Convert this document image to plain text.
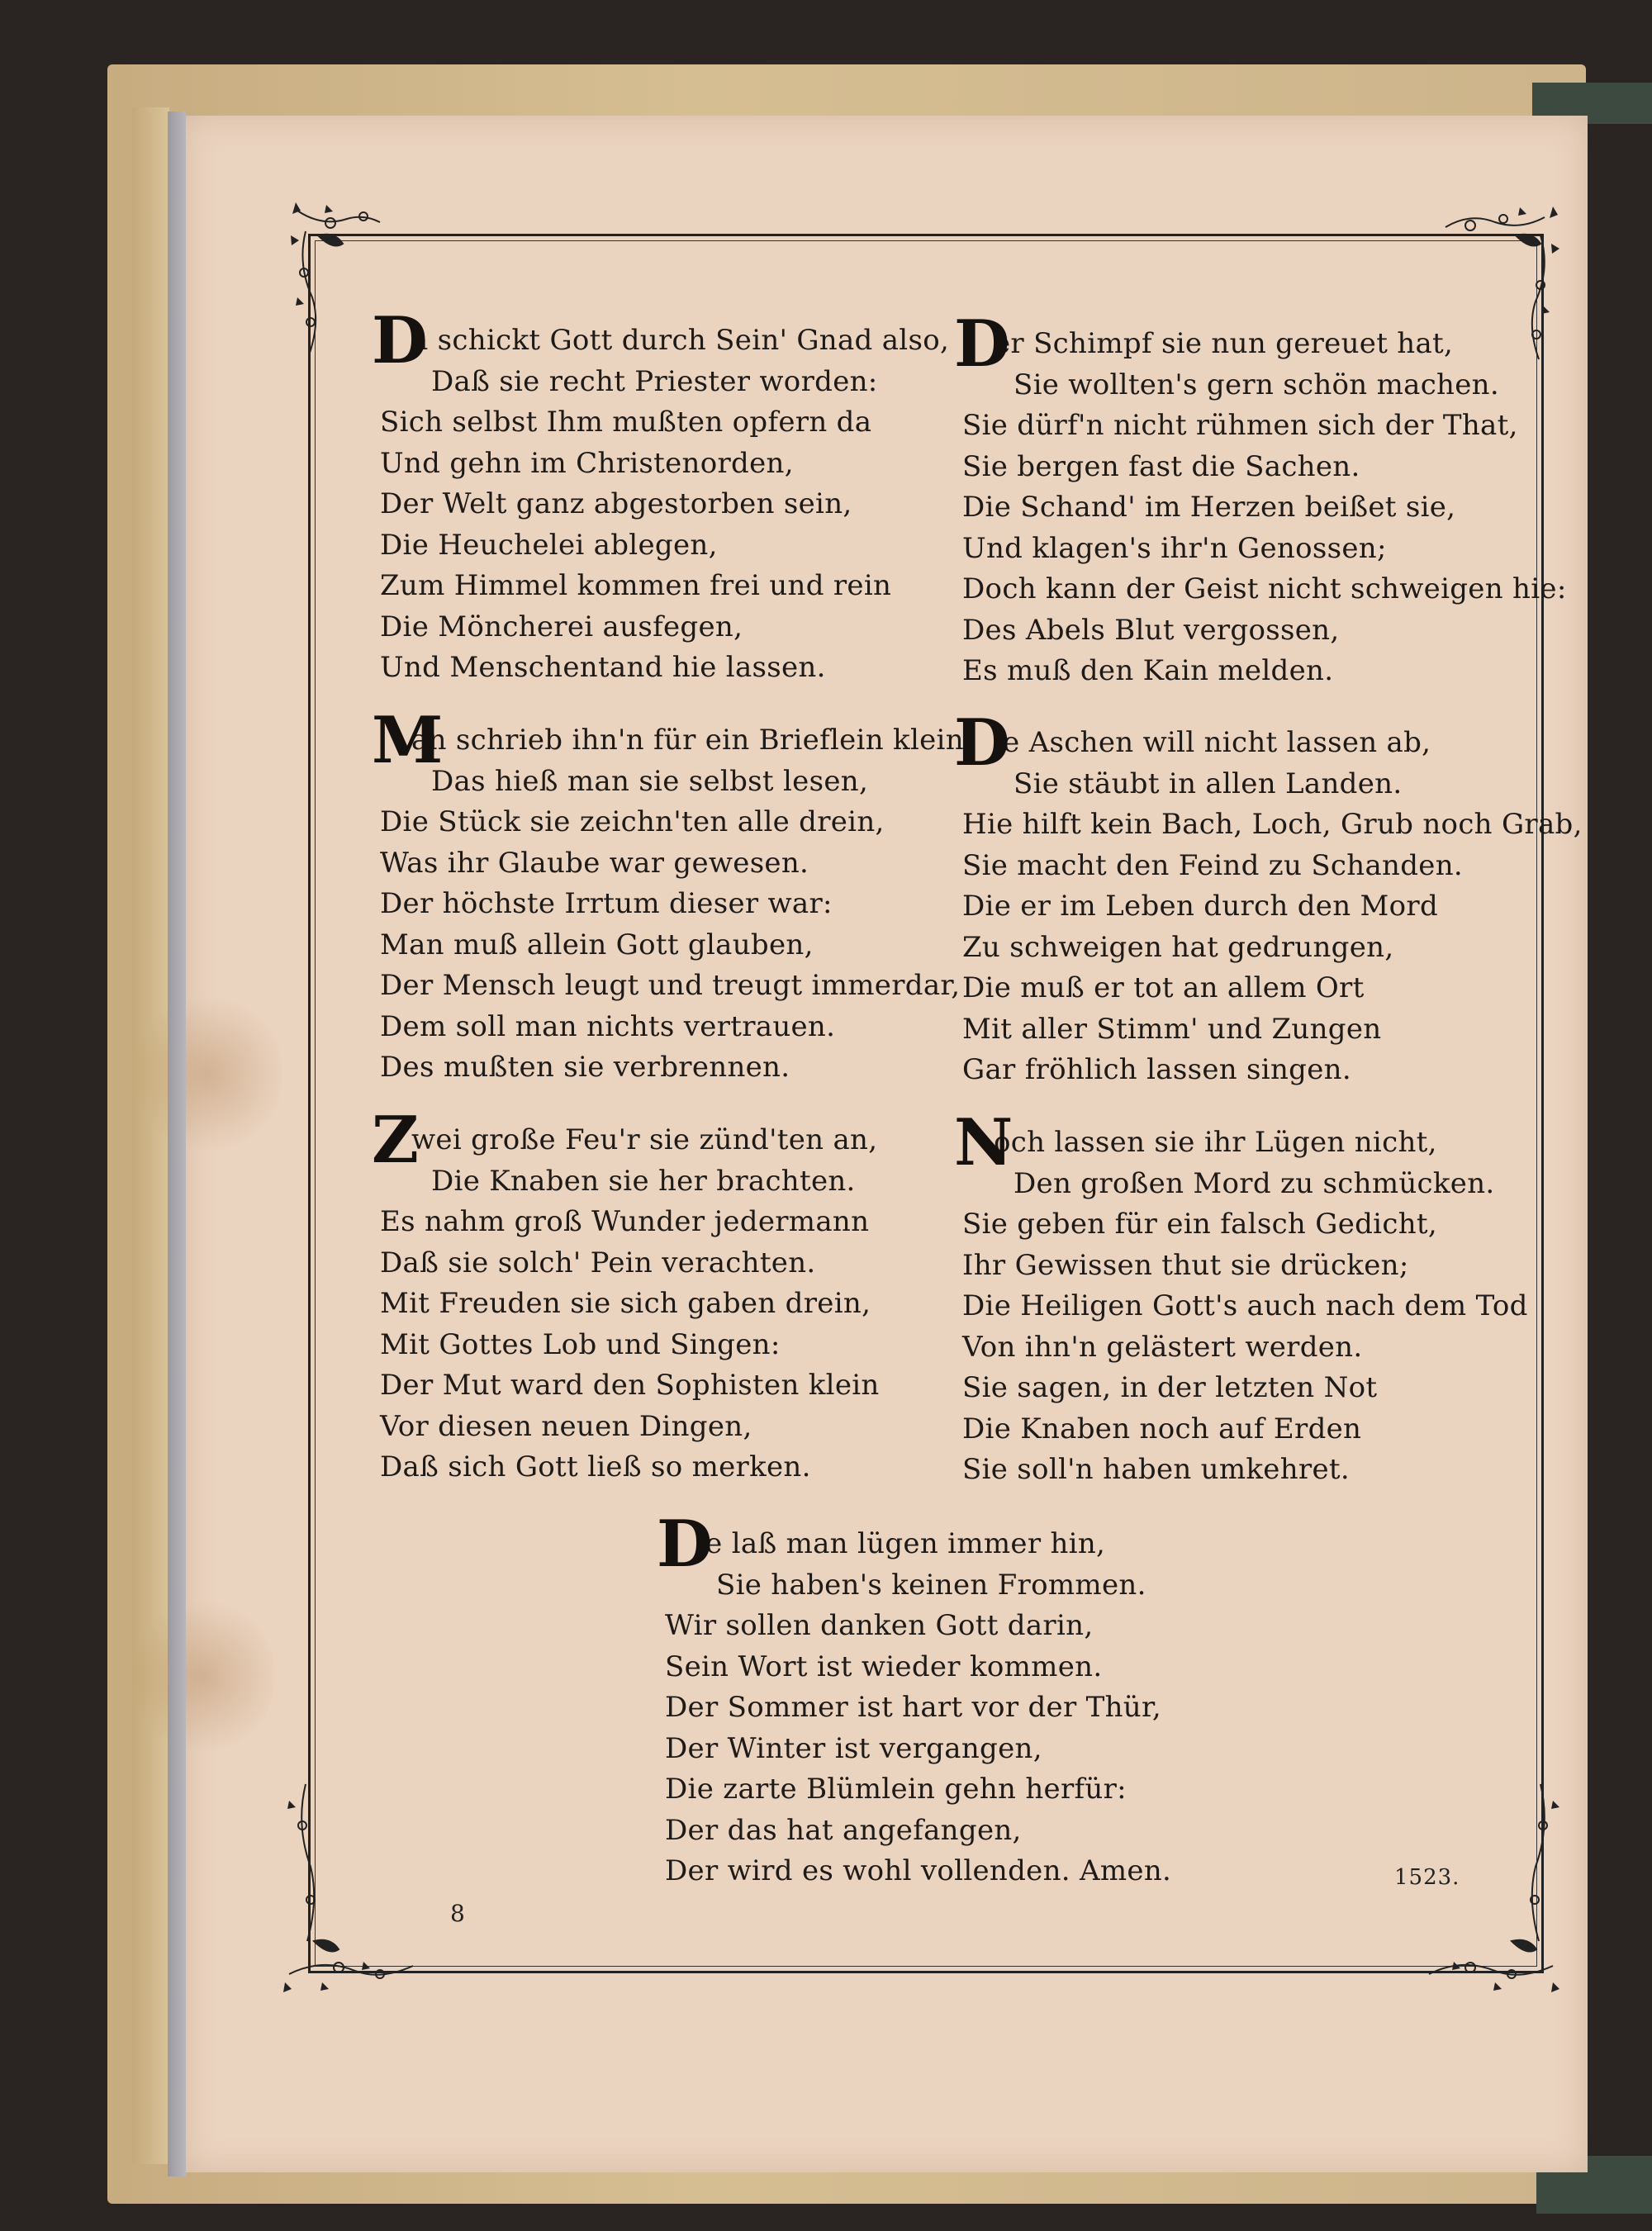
D
a schickt Gott durch Sein' Gnad also,
Daß sie recht Priester worden:
Sich selbst Ihm mußten opfern da
Und gehn im Christenorden,
Der Welt ganz abgestorben sein,
Die Heuchelei ablegen,
Zum Himmel kommen frei und rein
Die Möncherei ausfegen,
Und Menschentand hie lassen.
M
an schrieb ihn'n für ein Brieflein klein,
Das hieß man sie selbst lesen,
Die Stück sie zeichn'ten alle drein,
Was ihr Glaube war gewesen.
Der höchste Irrtum dieser war:
Man muß allein Gott glauben,
Der Mensch leugt und treugt immerdar,
Dem soll man nichts vertrauen.
Des mußten sie verbrennen.
Z
wei große Feu'r sie zünd'ten an,
Die Knaben sie her brachten.
Es nahm groß Wunder jedermann
Daß sie solch' Pein verachten.
Mit Freuden sie sich gaben drein,
Mit Gottes Lob und Singen:
Der Mut ward den Sophisten klein
Vor diesen neuen Dingen,
Daß sich Gott ließ so merken.
D
er Schimpf sie nun gereuet hat,
Sie wollten's gern schön machen.
Sie dürf'n nicht rühmen sich der That,
Sie bergen fast die Sachen.
Die Schand' im Herzen beißet sie,
Und klagen's ihr'n Genossen;
Doch kann der Geist nicht schweigen hie:
Des Abels Blut vergossen,
Es muß den Kain melden.
D
ie Aschen will nicht lassen ab,
Sie stäubt in allen Landen.
Hie hilft kein Bach, Loch, Grub noch Grab,
Sie macht den Feind zu Schanden.
Die er im Leben durch den Mord
Zu schweigen hat gedrungen,
Die muß er tot an allem Ort
Mit aller Stimm' und Zungen
Gar fröhlich lassen singen.
N
och lassen sie ihr Lügen nicht,
Den großen Mord zu schmücken.
Sie geben für ein falsch Gedicht,
Ihr Gewissen thut sie drücken;
Die Heiligen Gott's auch nach dem Tod
Von ihn'n gelästert werden.
Sie sagen, in der letzten Not
Die Knaben noch auf Erden
Sie soll'n haben umkehret.
D
ie laß man lügen immer hin,
Sie haben's keinen Frommen.
Wir sollen danken Gott darin,
Sein Wort ist wieder kommen.
Der Sommer ist hart vor der Thür,
Der Winter ist vergangen,
Die zarte Blümlein gehn herfür:
Der das hat angefangen,
Der wird es wohl vollenden. Amen.
8
1523.
